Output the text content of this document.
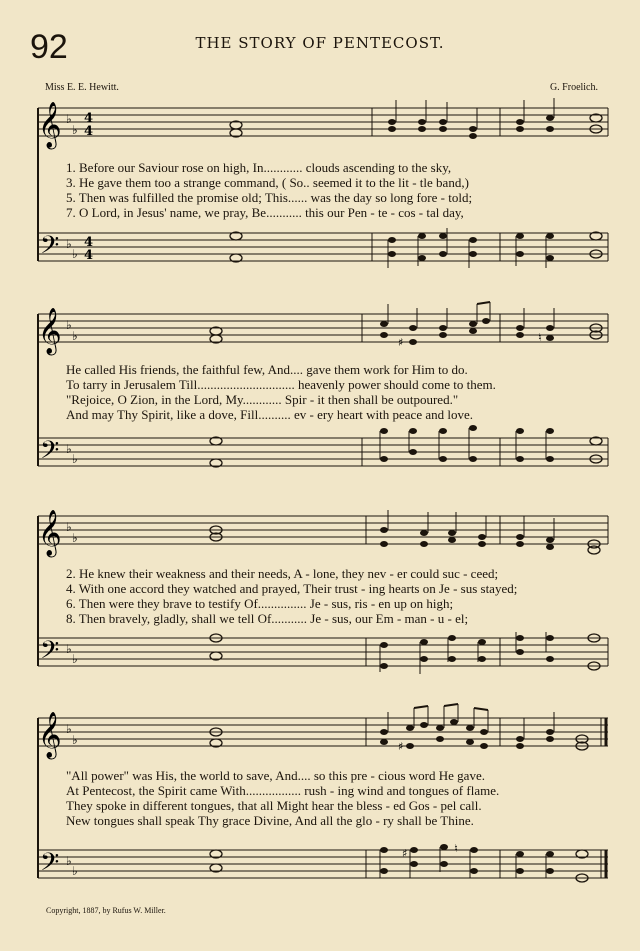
92	THE STORY OF PENTECOST.
Miss E. E. Hewitt.	G. Froelich.
𝄞
𝄢
♭
♭
♭
♭
4
4
4
4
1. Before our Saviour rose on high, In............ clouds ascending to the sky,
3. He gave them too a strange command, ( So.. seemed it to the lit - tle band,)
5. Then was fulfilled the promise old; This...... was the day so long fore - told;
7. O Lord, in Jesus' name, we pray, Be........... this our Pen - te - cos - tal day,
𝄞
𝄢
♭
♭
♭
♭
♯	♮
He called His friends, the faithful few, And.... gave them work for Him to do.
To tarry in Jerusalem Till.............................. heavenly power should come to them.
"Rejoice, O Zion, in the Lord, My............ Spir - it then shall be outpoured."
And may Thy Spirit, like a dove, Fill.......... ev - ery heart with peace and love.
𝄞
𝄢
♭
♭
♭
♭
2. He knew their weakness and their needs, A - lone, they nev - er could suc - ceed;
4. With one accord they watched and prayed, Their trust - ing hearts on Je - sus stayed;
6. Then were they brave to testify Of............... Je - sus, ris - en up on high;
8. Then bravely, gladly, shall we tell Of........... Je - sus, our Em - man - u - el;
𝄞
𝄢
♭
♭
♭
♭
♯
♯	♮
"All power" was His, the world to save, And.... so this pre - cious word He gave.
At Pentecost, the Spirit came With................. rush - ing wind and tongues of flame.
They spoke in different tongues, that all Might hear the bless - ed Gos - pel call.
New tongues shall speak Thy grace Divine, And all the glo - ry shall be Thine.
Copyright, 1887, by Rufus W. Miller.
